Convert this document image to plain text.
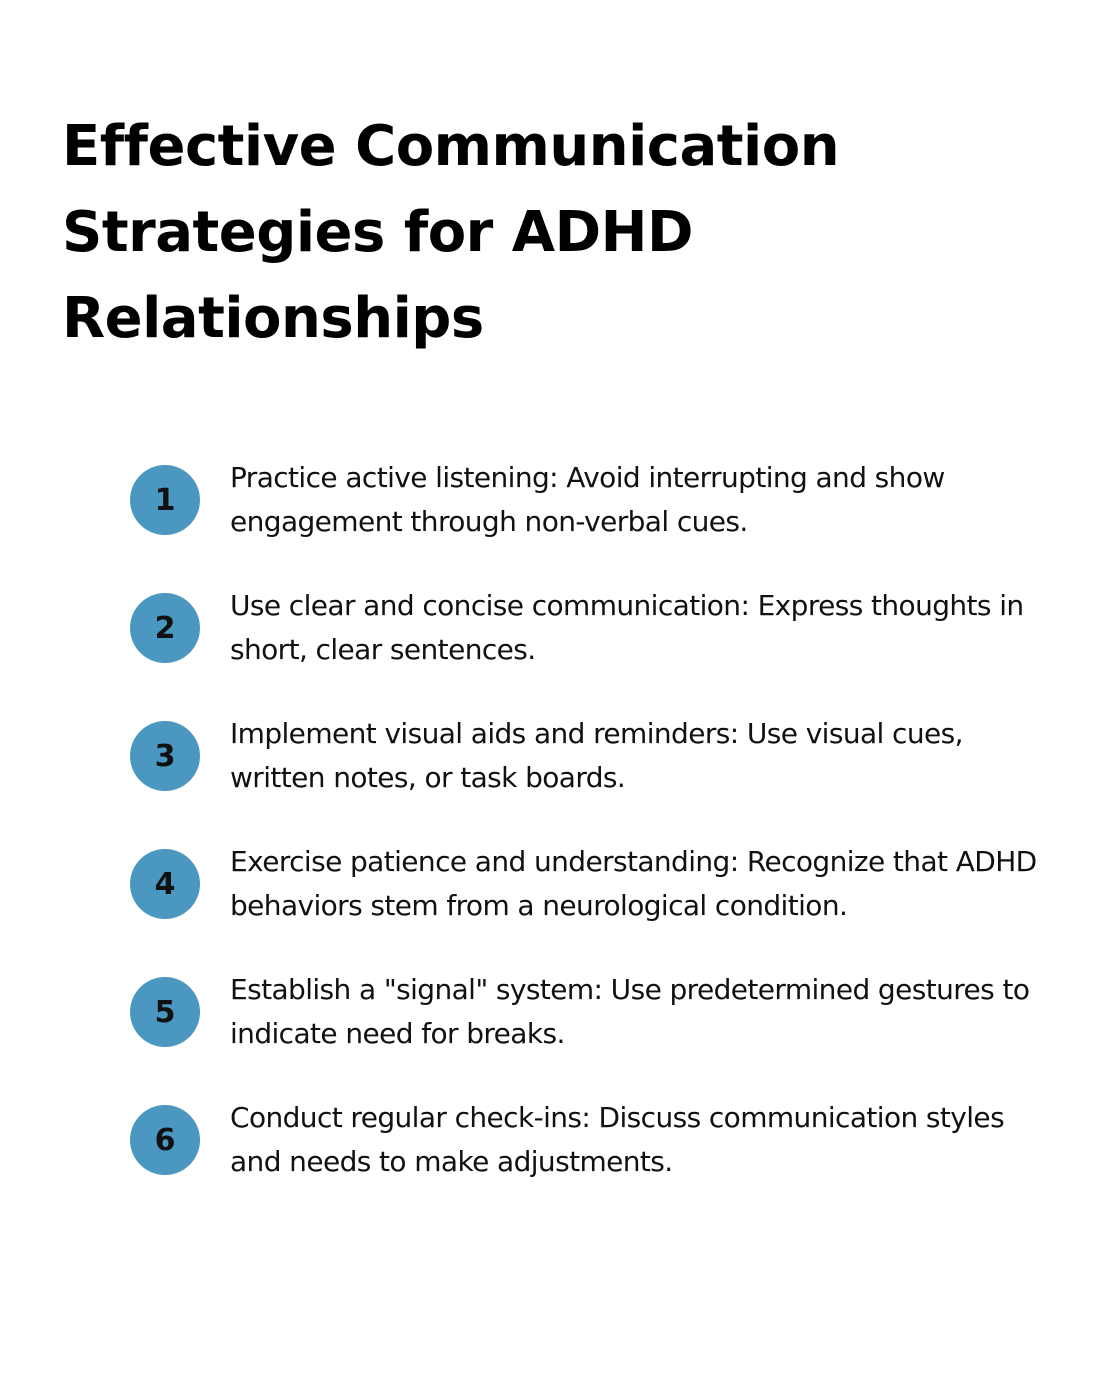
Effective Communication Strategies for ADHD Relationships
1
Practice active listening: Avoid interrupting and show engagement through non-verbal cues.
2
Use clear and concise communication: Express thoughts in short, clear sentences.
3
Implement visual aids and reminders: Use visual cues, written notes, or task boards.
4
Exercise patience and understanding: Recognize that ADHD behaviors stem from a neurological condition.
5
Establish a "signal" system: Use predetermined gestures to indicate need for breaks.
6
Conduct regular check-ins: Discuss communication styles and needs to make adjustments.
